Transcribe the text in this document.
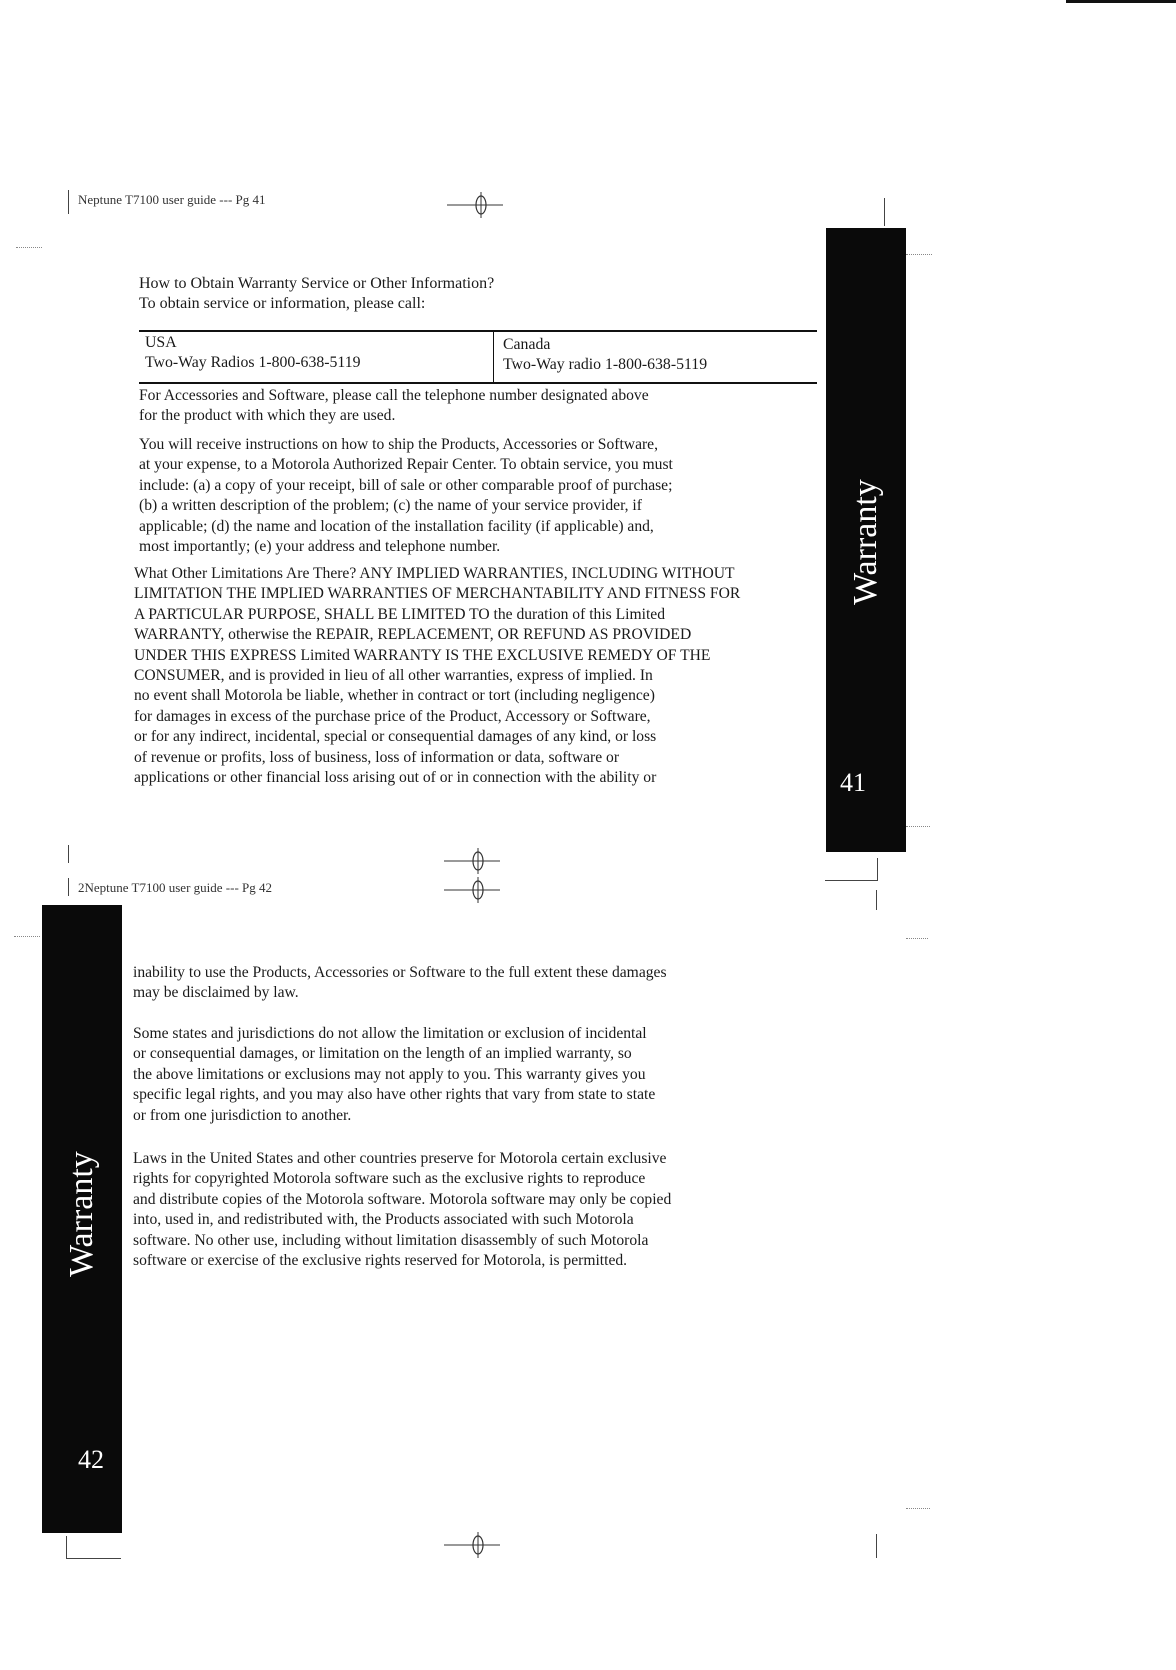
Neptune T7100 user guide --- Pg 41
How to Obtain Warranty Service or Other Information?
To obtain service or information, please call:
USA
Two-Way Radios 1-800-638-5119
Canada
Two-Way radio 1-800-638-5119

For Accessories and Software, please call the telephone number designated above

for the product with which they are used.

You will receive instructions on how to ship the Products, Accessories or Software,

at your expense, to a Motorola Authorized Repair Center. To obtain service, you must

include: (a) a copy of your receipt, bill of sale or other comparable proof of purchase;

(b) a written description of the problem; (c) the name of your service provider, if

applicable; (d) the name and location of the installation facility (if applicable) and,

most importantly; (e) your address and telephone number.

What Other Limitations Are There? ANY IMPLIED WARRANTIES, INCLUDING WITHOUT

LIMITATION THE IMPLIED WARRANTIES OF MERCHANTABILITY AND FITNESS FOR

A PARTICULAR PURPOSE, SHALL BE LIMITED TO the duration of this Limited

WARRANTY, otherwise the REPAIR, REPLACEMENT, OR REFUND AS PROVIDED

UNDER THIS EXPRESS Limited WARRANTY IS THE EXCLUSIVE REMEDY OF THE

CONSUMER, and is provided in lieu of all other warranties, express of implied. In

no event shall Motorola be liable, whether in contract or tort (including negligence)

for damages in excess of the purchase price of the Product, Accessory or Software,

or for any indirect, incidental, special or consequential damages of any kind, or loss

of revenue or profits, loss of business, loss of information or data, software or

applications or other financial loss arising out of or in connection with the ability or

Warranty
41
2Neptune T7100 user guide --- Pg 42
Warranty
42

inability to use the Products, Accessories or Software to the full extent these damages

may be disclaimed by law.

Some states and jurisdictions do not allow the limitation or exclusion of incidental

or consequential damages, or limitation on the length of an implied warranty, so

the above limitations or exclusions may not apply to you. This warranty gives you

specific legal rights, and you may also have other rights that vary from state to state

or from one jurisdiction to another.

Laws in the United States and other countries preserve for Motorola certain exclusive

rights for copyrighted Motorola software such as the exclusive rights to reproduce

and distribute copies of the Motorola software. Motorola software may only be copied

into, used in, and redistributed with, the Products associated with such Motorola

software. No other use, including without limitation disassembly of such Motorola

software or exercise of the exclusive rights reserved for Motorola, is permitted.
